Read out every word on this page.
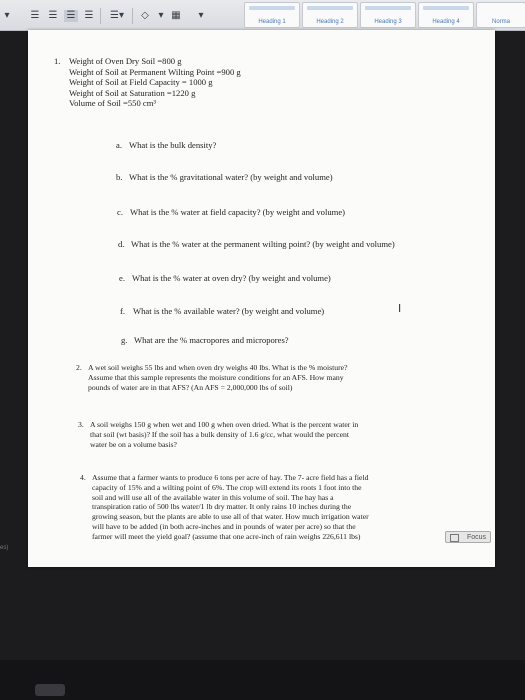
▾ ☰ ☰ ☰ ☰	☰▾	◇ ▾ ▦ ▾
Heading 1	Heading 2	Heading 3	Heading 4	Norma
es)
1. Weight of Oven Dry Soil =800 g
Weight of Soil at Permanent Wilting Point =900 g
Weight of Soil at Field Capacity = 1000 g
Weight of Soil at Saturation =1220 g
Volume of Soil =550 cm³
a. What is the bulk density?
b. What is the % gravitational water? (by weight and volume)
c. What is the % water at field capacity? (by weight and volume)
d. What is the % water at the permanent wilting point? (by weight and volume)
e. What is the % water at oven dry? (by weight and volume)
f. What is the % available water? (by weight and volume)
g. What are the % macropores and micropores?
I
2. A wet soil weighs 55 lbs and when oven dry weighs 40 lbs. What is the % moisture?
Assume that this sample represents the moisture conditions for an AFS. How many
pounds of water are in that AFS? (An AFS = 2,000,000 lbs of soil)
3. A soil weighs 150 g when wet and 100 g when oven dried. What is the percent water in
that soil (wt basis)? If the soil has a bulk density of 1.6 g/cc, what would the percent
water be on a volume basis?
4. Assume that a farmer wants to produce 6 tons per acre of hay. The 7- acre field has a field
capacity of 15% and a wilting point of 6%. The crop will extend its roots 1 foot into the
soil and will use all of the available water in this volume of soil. The hay has a
transpiration ratio of 500 lbs water/1 lb dry matter. It only rains 10 inches during the
growing season, but the plants are able to use all of that water. How much irrigation water
will have to be added (in both acre-inches and in pounds of water per acre) so that the
farmer will meet the yield goal? (assume that one acre-inch of rain weighs 226,611 lbs)	Focus
